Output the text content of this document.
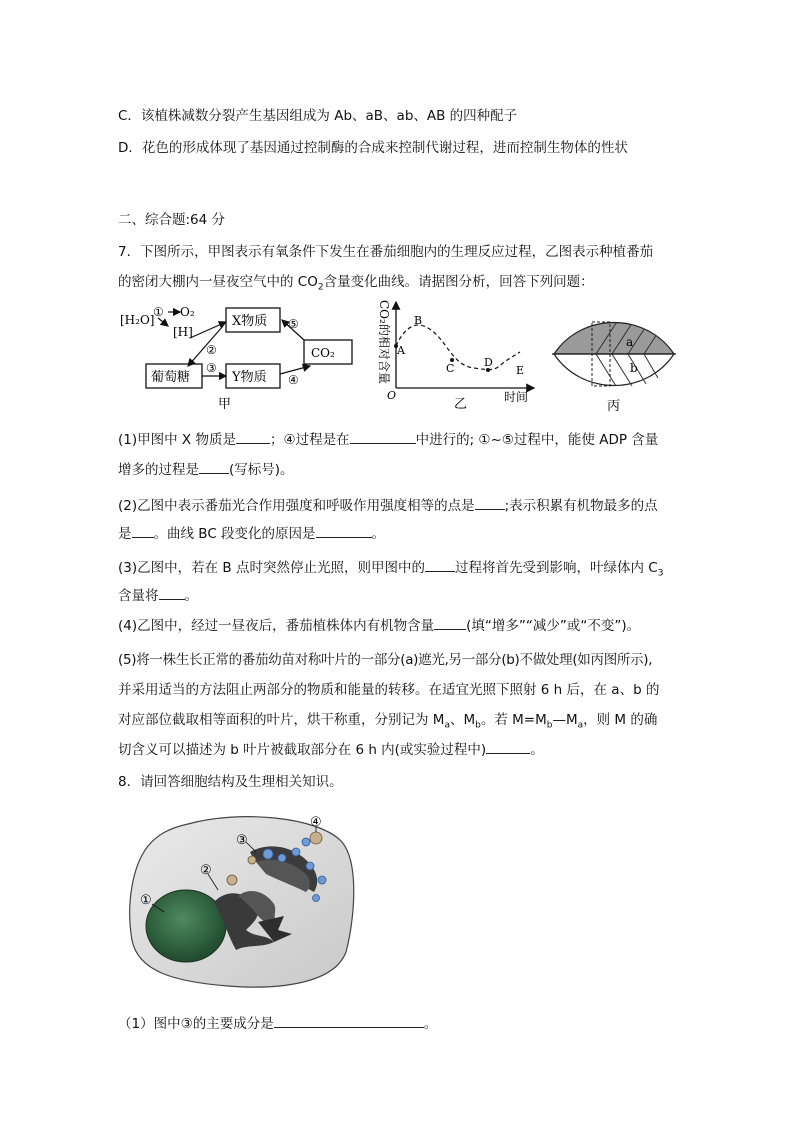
C．该植株减数分裂产生基因组成为 Ab、aB、ab、AB 的四种配子
D．花色的形成体现了基因通过控制酶的合成来控制代谢过程，进而控制生物体的性状
二、综合题:64 分
7．下图所示，甲图表示有氧条件下发生在番茄细胞内的生理反应过程，乙图表示种植番茄
的密闭大棚内一昼夜空气中的 $CO_2$含量变化曲线。请据图分析，回答下列问题：
[H₂O]
① O₂
[H]
X物质
②
⑤
CO₂
葡萄糖
③
Y物质 ④
甲
CO₂的相对含量
O
A
B
C	D
E
时间
乙
a
b
丙
(1)甲图中 X 物质是	；④过程是在	中进行的; ①~⑤过程中，能使 ADP 含量
增多的过程是 (写标号)。
(2)乙图中表示番茄光合作用强度和呼吸作用强度相等的点是 ;表示积累有机物最多的点
是 。曲线 BC 段变化的原因是	。
(3)乙图中，若在 B 点时突然停止光照，则甲图中的 过程将首先受到影响，叶绿体内 $C_3$
含量将 。
(4)乙图中，经过一昼夜后，番茄植株体内有机物含量 (填“增多”“减少”或“不变”)。
(5)将一株生长正常的番茄幼苗对称叶片的一部分(a)遮光,另一部分(b)不做处理(如丙图所示),
并采用适当的方法阻止两部分的物质和能量的转移。在适宜光照下照射 6 h 后，在 a、b 的
对应部位截取相等面积的叶片，烘干称重，分别记为 $M_a$、$M_b$。若 $M=M_b—M_a$，则 M 的确
切含义可以描述为 b 叶片被截取部分在 6 h 内(或实验过程中)	。
8．请回答细胞结构及生理相关知识。
①
②
③
④
（1）图中③的主要成分是	。
